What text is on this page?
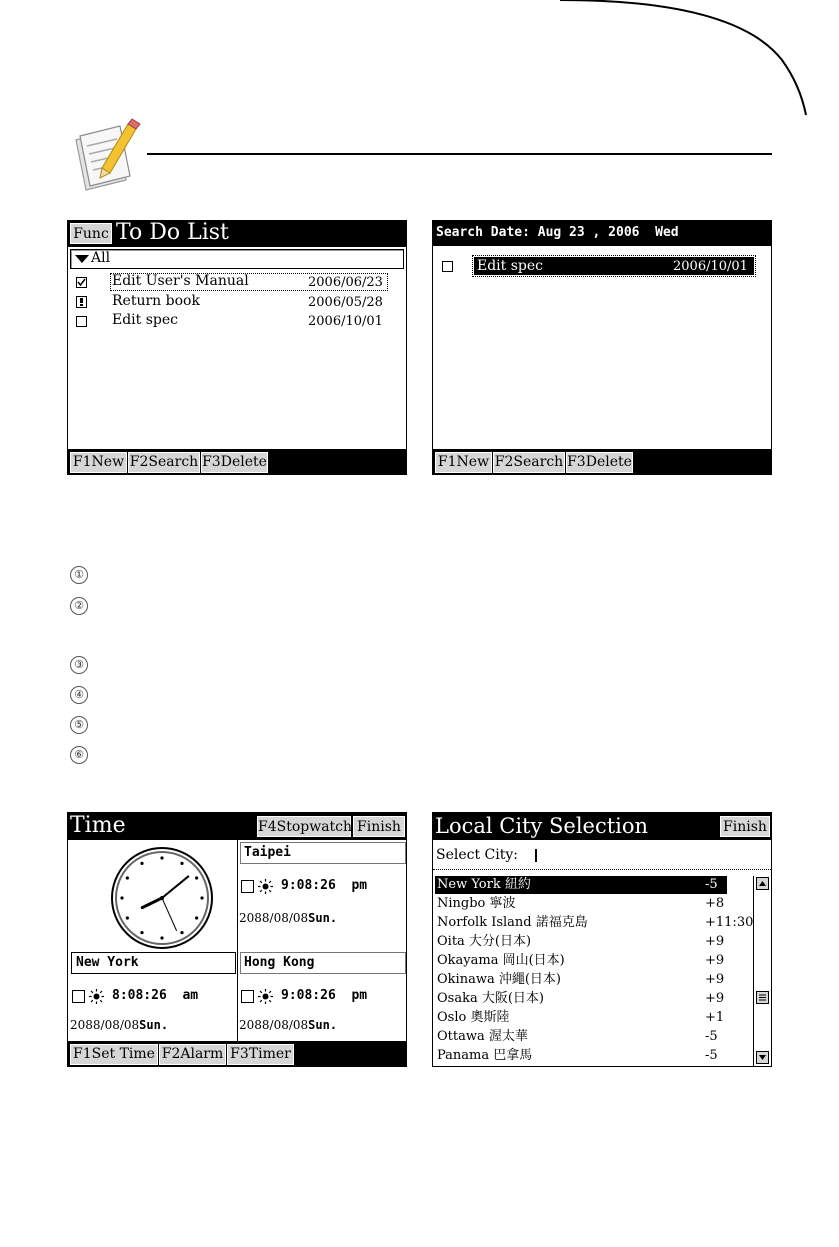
Func To Do List
All
Edit User's Manual	2006/06/23
Return book	2006/05/28
Edit spec	2006/10/01
F1New F2Search F3Delete
Search Date: Aug 23 , 2006  Wed
Edit spec	2006/10/01
F1New F2Search F3Delete
①
②
③
④
⑤
⑥
Time	F4Stopwatch Finish
New York
8:08:26  am
2088/08/08Sun.
Taipei
9:08:26  pm
2088/08/08Sun.
Hong Kong
9:08:26  pm
2088/08/08Sun.
F1Set Time F2Alarm F3Timer
Local City Selection	Finish
Select City:
New York 紐約	-5
Ningbo 寧波	+8
Norfolk Island 諾福克島	+11:30
Oita 大分(日本)	+9
Okayama 岡山(日本)	+9
Okinawa 沖繩(日本)	+9
Osaka 大阪(日本)	+9
Oslo 奧斯陸	+1
Ottawa 渥太華	-5
Panama 巴拿馬	-5
